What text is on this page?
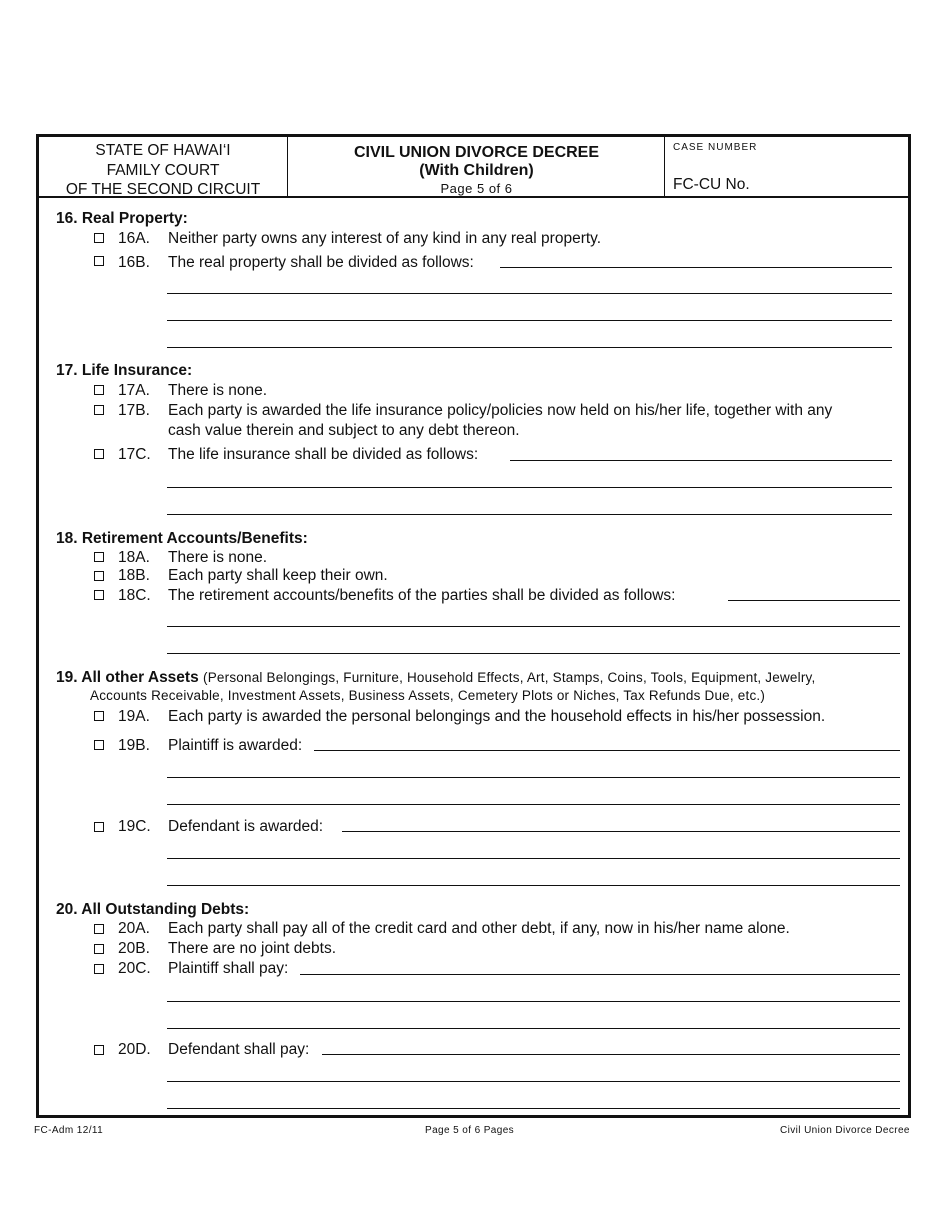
STATE OF HAWAI‘I
FAMILY COURT
OF THE SECOND CIRCUIT
CIVIL UNION DIVORCE DECREE
(With Children)
Page 5 of 6
CASE NUMBER
FC-CU No.
16. Real Property:
16A. Neither party owns any interest of any kind in any real property.
16B. The real property shall be divided as follows:
17. Life Insurance:
17A. There is none.
17B. Each party is awarded the life insurance policy/policies now held on his/her life, together with any
cash value therein and subject to any debt thereon.
17C. The life insurance shall be divided as follows:
18. Retirement Accounts/Benefits:
18A. There is none.
18B. Each party shall keep their own.
18C. The retirement accounts/benefits of the parties shall be divided as follows:
19. All other Assets (Personal Belongings, Furniture, Household Effects, Art, Stamps, Coins, Tools, Equipment, Jewelry,
Accounts Receivable, Investment Assets, Business Assets, Cemetery Plots or Niches, Tax Refunds Due, etc.)
19A. Each party is awarded the personal belongings and the household effects in his/her possession.
19B. Plaintiff is awarded:
19C. Defendant is awarded:
20. All Outstanding Debts:
20A. Each party shall pay all of the credit card and other debt, if any, now in his/her name alone.
20B. There are no joint debts.
20C. Plaintiff shall pay:
20D. Defendant shall pay:
FC-Adm 12/11	Page 5 of 6 Pages	Civil Union Divorce Decree
